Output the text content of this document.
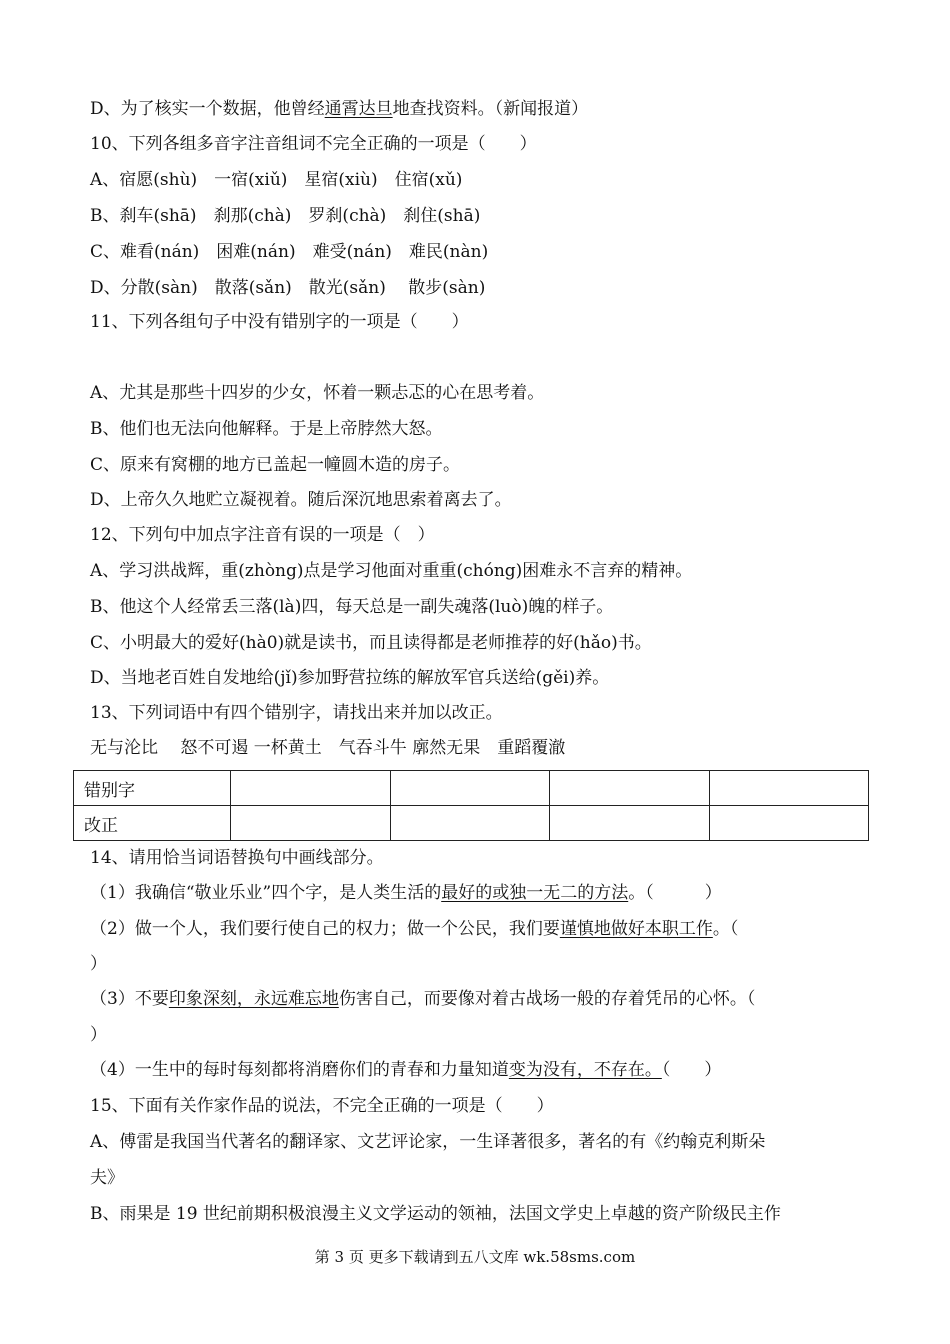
D、为了核实一个数据，他曾经通霄达旦地查找资料。（新闻报道）
10、下列各组多音字注音组词不完全正确的一项是（　　）
A、宿愿(shù)　一宿(xiǔ)　星宿(xiù)　住宿(xǔ)
B、刹车(shā)　刹那(chà)　罗刹(chà)　刹住(shā)
C、难看(nán)　困难(nán)　难受(nán)　难民(nàn)
D、分散(sàn)　散落(sǎn)　散光(sǎn)　 散步(sàn)
11、下列各组句子中没有错别字的一项是（　　）
A、尤其是那些十四岁的少女，怀着一颗忐忑的心在思考着。
B、他们也无法向他解释。于是上帝脖然大怒。
C、原来有窝棚的地方已盖起一幢圆木造的房子。
D、上帝久久地贮立凝视着。随后深沉地思索着离去了。
12、下列句中加点字注音有误的一项是（　）
A、学习洪战辉，重(zhòng)点是学习他面对重重(chóng)困难永不言弃的精神。
B、他这个人经常丢三落(là)四，每天总是一副失魂落(luò)魄的样子。
C、小明最大的爱好(hà0)就是读书，而且读得都是老师推荐的好(hǎo)书。
D、当地老百姓自发地给(jǐ)参加野营拉练的解放军官兵送给(gěi)养。
13、下列词语中有四个错别字，请找出来并加以改正。
无与沦比　 怒不可遏 一杯黄土　气吞斗牛 廓然无果　重蹈覆澈
错别字				
改正				
14、请用恰当词语替换句中画线部分。
（1）我确信“敬业乐业”四个字，是人类生活的最好的或独一无二的方法。（　　　）
（2）做一个人，我们要行使自己的权力；做一个公民，我们要谨慎地做好本职工作。（
）
（3）不要印象深刻，永远难忘地伤害自己，而要像对着古战场一般的存着凭吊的心怀。（
）
（4）一生中的每时每刻都将消磨你们的青春和力量知道变为没有，不存在。（　　）
15、下面有关作家作品的说法，不完全正确的一项是（　　）
A、傅雷是我国当代著名的翻译家、文艺评论家，一生译著很多，著名的有《约翰克利斯朵
夫》
B、雨果是 19 世纪前期积极浪漫主义文学运动的领袖，法国文学史上卓越的资产阶级民主作
第 3 页 更多下载请到五八文库 wk.58sms.com
